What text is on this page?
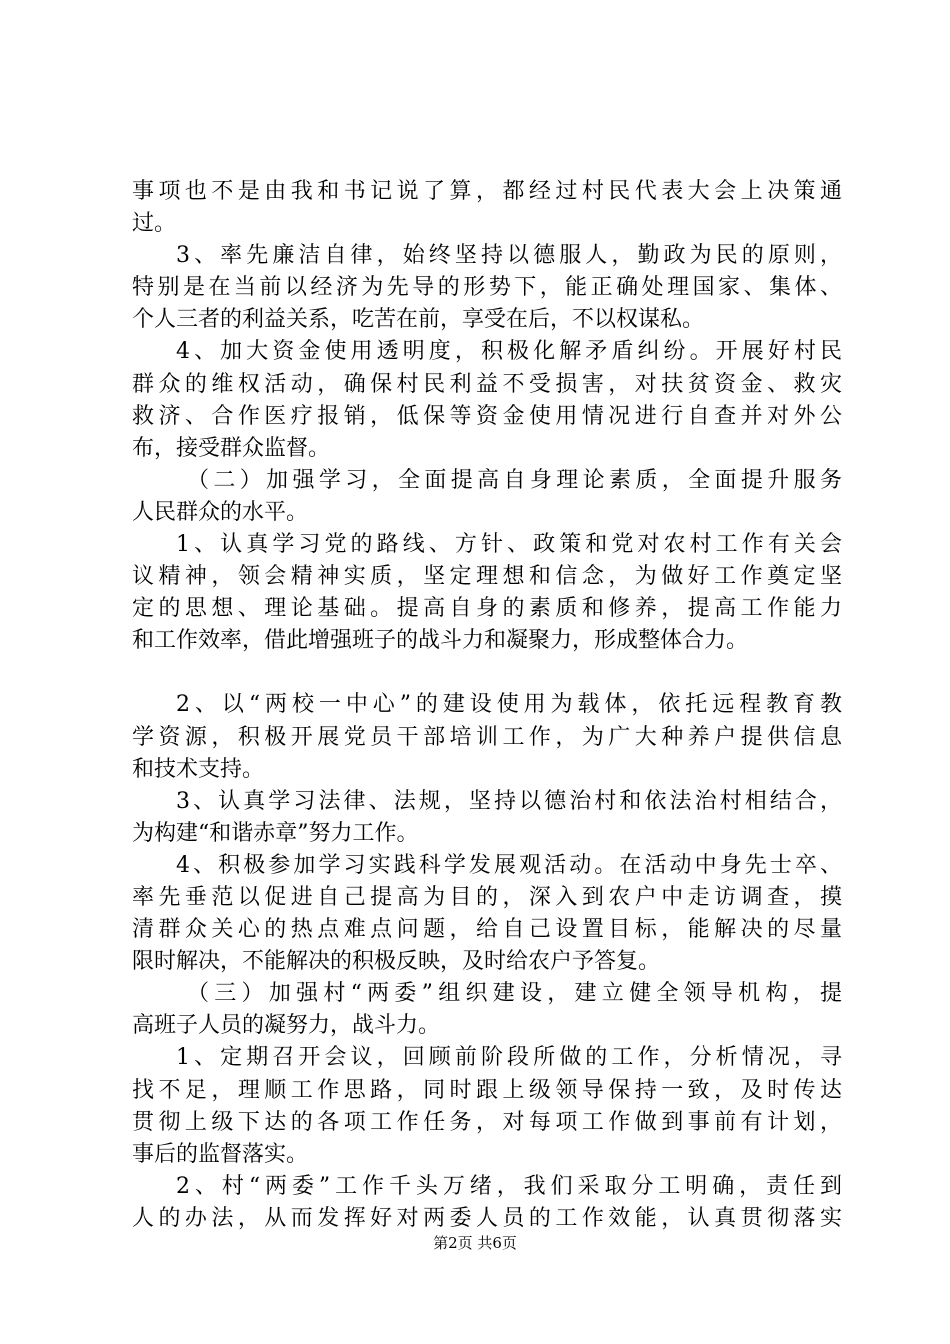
事项也不是由我和书记说了算，都经过村民代表大会上决策通
过。
3、率先廉洁自律，始终坚持以德服人，勤政为民的原则，
特别是在当前以经济为先导的形势下，能正确处理国家、集体、
个人三者的利益关系，吃苦在前，享受在后，不以权谋私。
4、加大资金使用透明度，积极化解矛盾纠纷。开展好村民
群众的维权活动，确保村民利益不受损害，对扶贫资金、救灾
救济、合作医疗报销，低保等资金使用情况进行自查并对外公
布，接受群众监督。
（二）加强学习，全面提高自身理论素质，全面提升服务
人民群众的水平。
1、认真学习党的路线、方针、政策和党对农村工作有关会
议精神，领会精神实质，坚定理想和信念，为做好工作奠定坚
定的思想、理论基础。提高自身的素质和修养，提高工作能力
和工作效率，借此增强班子的战斗力和凝聚力，形成整体合力。
2、以“两校一中心”的建设使用为载体，依托远程教育教
学资源，积极开展党员干部培训工作，为广大种养户提供信息
和技术支持。
3、认真学习法律、法规，坚持以德治村和依法治村相结合，
为构建“和谐赤章”努力工作。
4、积极参加学习实践科学发展观活动。在活动中身先士卒、
率先垂范以促进自己提高为目的，深入到农户中走访调查，摸
清群众关心的热点难点问题，给自己设置目标，能解决的尽量
限时解决，不能解决的积极反映，及时给农户予答复。
（三）加强村“两委”组织建设，建立健全领导机构，提
高班子人员的凝努力，战斗力。
1、定期召开会议，回顾前阶段所做的工作，分析情况，寻
找不足，理顺工作思路，同时跟上级领导保持一致，及时传达
贯彻上级下达的各项工作任务，对每项工作做到事前有计划，
事后的监督落实。
2、村“两委”工作千头万绪，我们采取分工明确，责任到
人的办法，从而发挥好对两委人员的工作效能，认真贯彻落实
第2页 共6页
